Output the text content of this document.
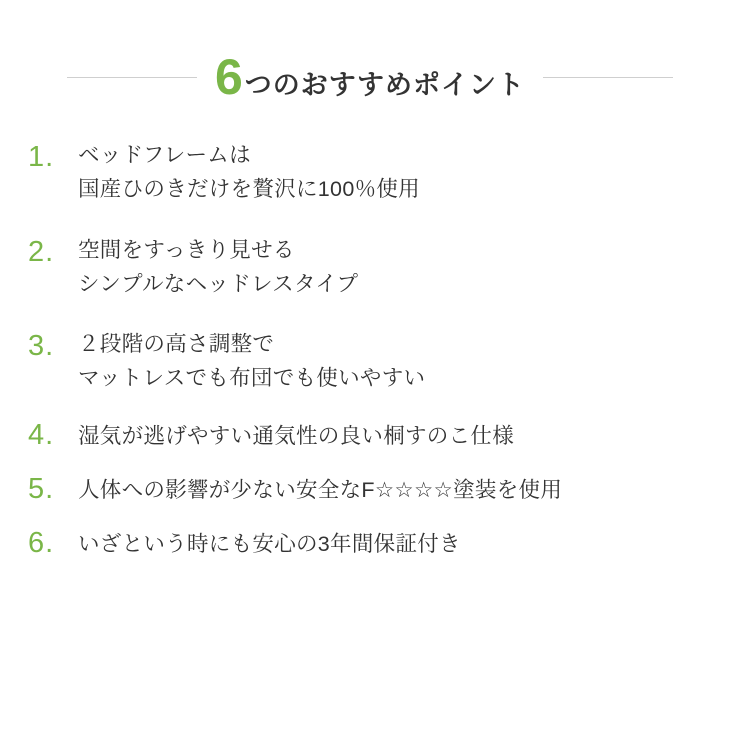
6 つのおすすめポイント
1.	ベッドフレームは
国産ひのきだけを贅沢に100％使用
2.	空間をすっきり見せる
シンプルなヘッドレスタイプ
3.	２段階の高さ調整で
マットレスでも布団でも使いやすい
4.	湿気が逃げやすい通気性の良い桐すのこ仕様
5.	人体への影響が少ない安全なF☆☆☆☆塗装を使用
6.	いざという時にも安心の3年間保証付き
